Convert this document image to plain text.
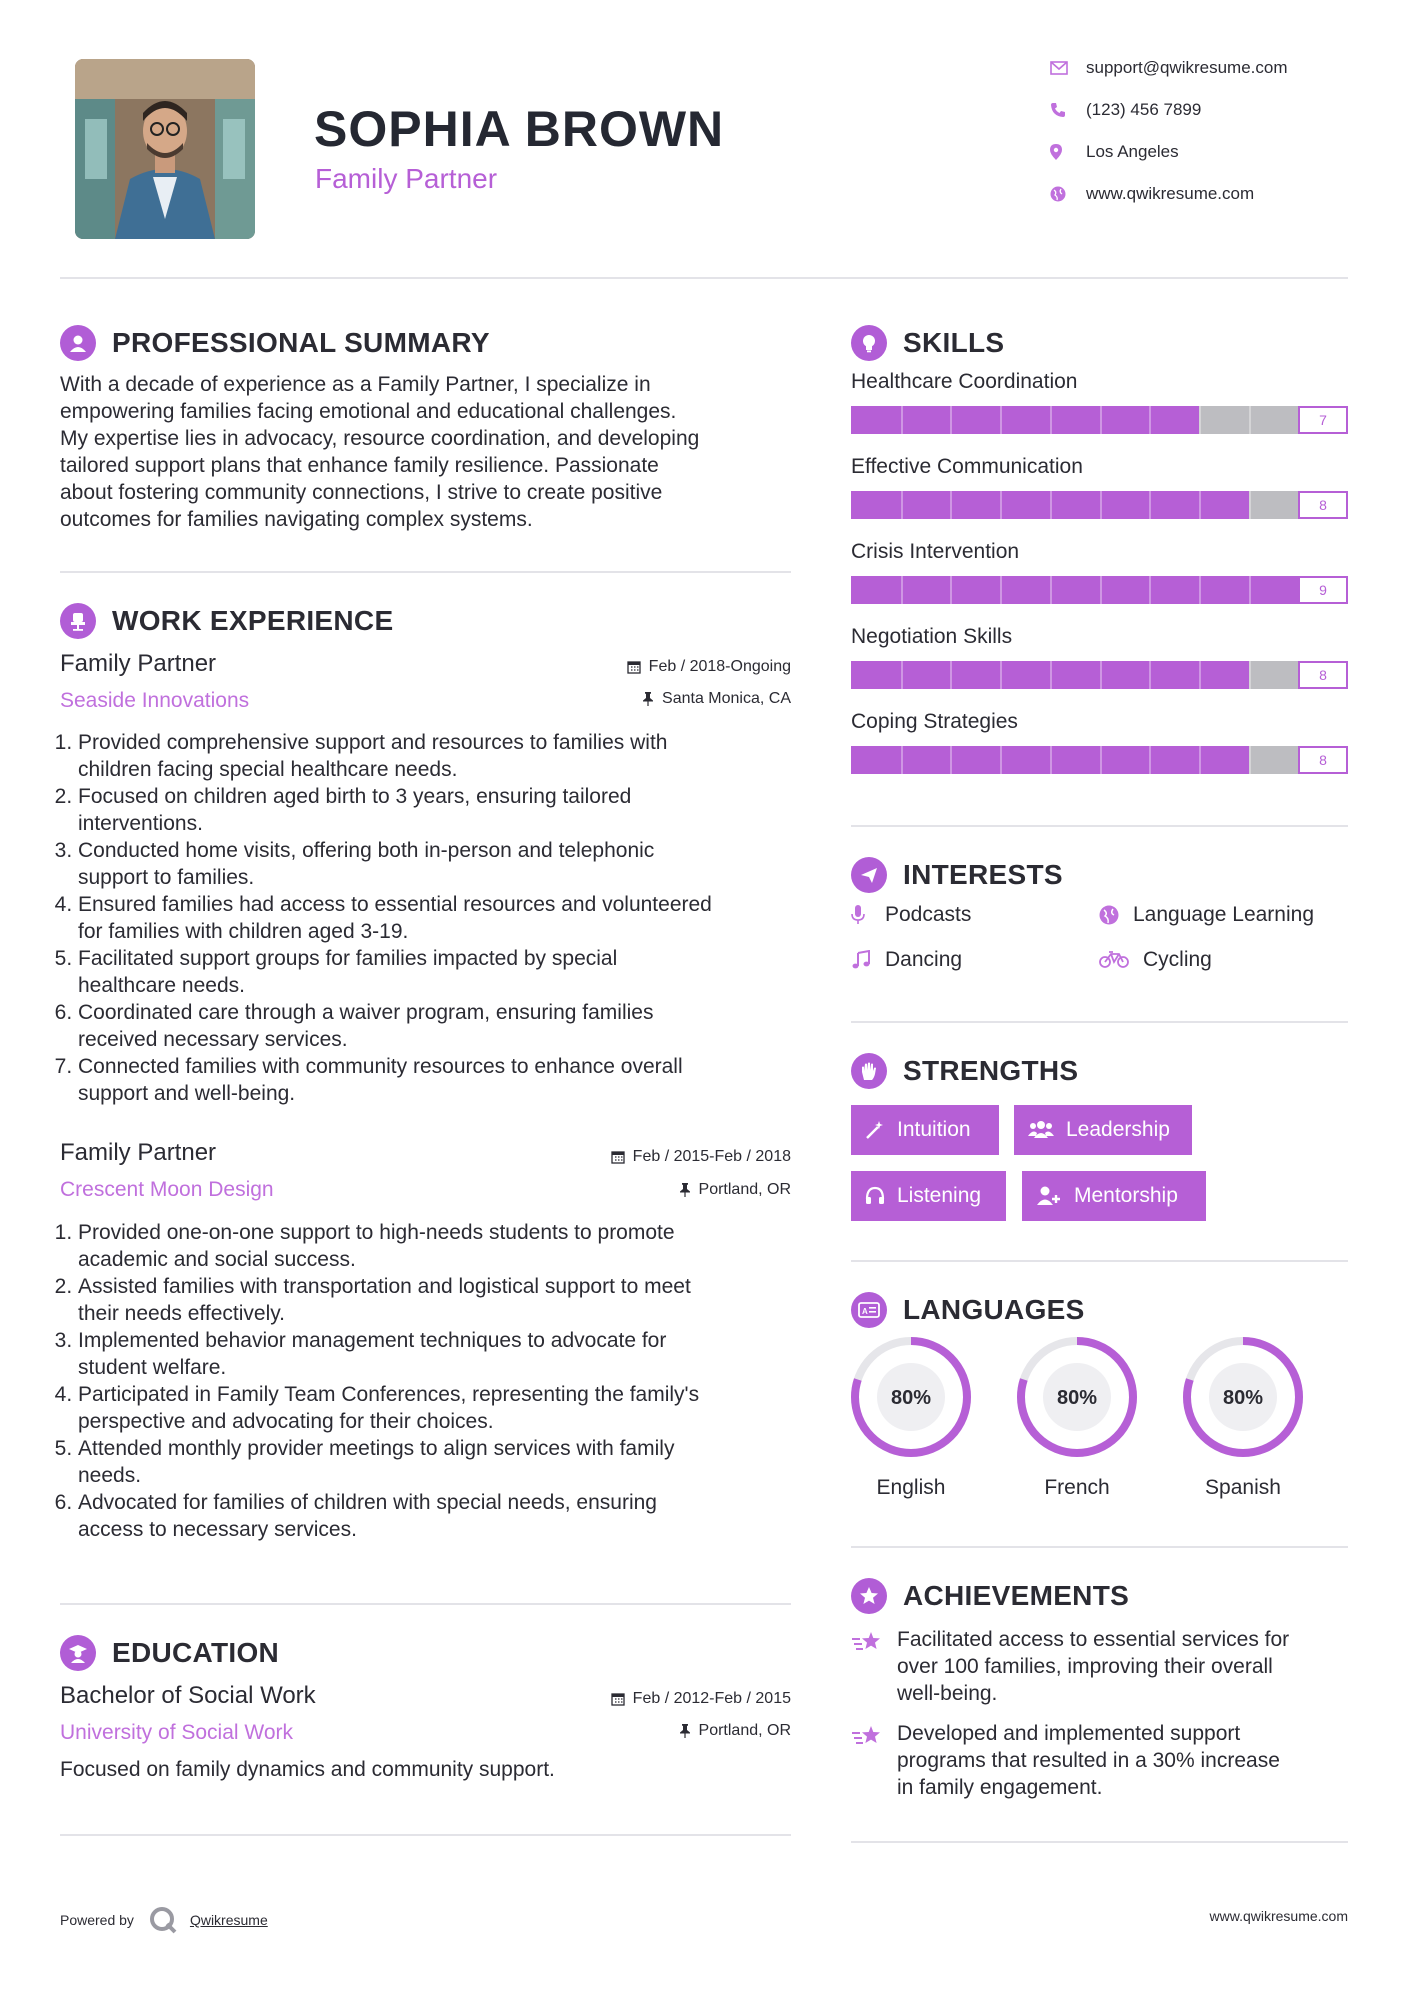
SOPHIA BROWN
Family Partner
support@qwikresume.com
(123) 456 7899
Los Angeles
www.qwikresume.com
PROFESSIONAL SUMMARY
With a decade of experience as a Family Partner, I specialize in
empowering families facing emotional and educational challenges.
My expertise lies in advocacy, resource coordination, and developing
tailored support plans that enhance family resilience. Passionate
about fostering community connections, I strive to create positive
outcomes for families navigating complex systems.
WORK EXPERIENCE
Family Partner
Seaside Innovations
Feb / 2018-Ongoing
Santa Monica, CA
1. Provided comprehensive support and resources to families with
children facing special healthcare needs.
2. Focused on children aged birth to 3 years, ensuring tailored
interventions.
3. Conducted home visits, offering both in-person and telephonic
support to families.
4. Ensured families had access to essential resources and volunteered
for families with children aged 3-19.
5. Facilitated support groups for families impacted by special
healthcare needs.
6. Coordinated care through a waiver program, ensuring families
received necessary services.
7. Connected families with community resources to enhance overall
support and well-being.
Family Partner
Crescent Moon Design
Feb / 2015-Feb / 2018
Portland, OR
1. Provided one-on-one support to high-needs students to promote
academic and social success.
2. Assisted families with transportation and logistical support to meet
their needs effectively.
3. Implemented behavior management techniques to advocate for
student welfare.
4. Participated in Family Team Conferences, representing the family's
perspective and advocating for their choices.
5. Attended monthly provider meetings to align services with family
needs.
6. Advocated for families of children with special needs, ensuring
access to necessary services.
EDUCATION
Bachelor of Social Work
University of Social Work
Feb / 2012-Feb / 2015
Portland, OR
Focused on family dynamics and community support.
SKILLS
Healthcare Coordination
7
Effective Communication
8
Crisis Intervention
9
Negotiation Skills
8
Coping Strategies
8
INTERESTS
Podcasts	Language Learning
Dancing	Cycling
STRENGTHS
Intuition	Leadership
Listening	Mentorship
A LANGUAGES
80%
English
80%
French
80%
Spanish
ACHIEVEMENTS
Facilitated access to essential services for
over 100 families, improving their overall
well-being.
Developed and implemented support
programs that resulted in a 30% increase
in family engagement.
Powered by	Qwikresume	www.qwikresume.com
